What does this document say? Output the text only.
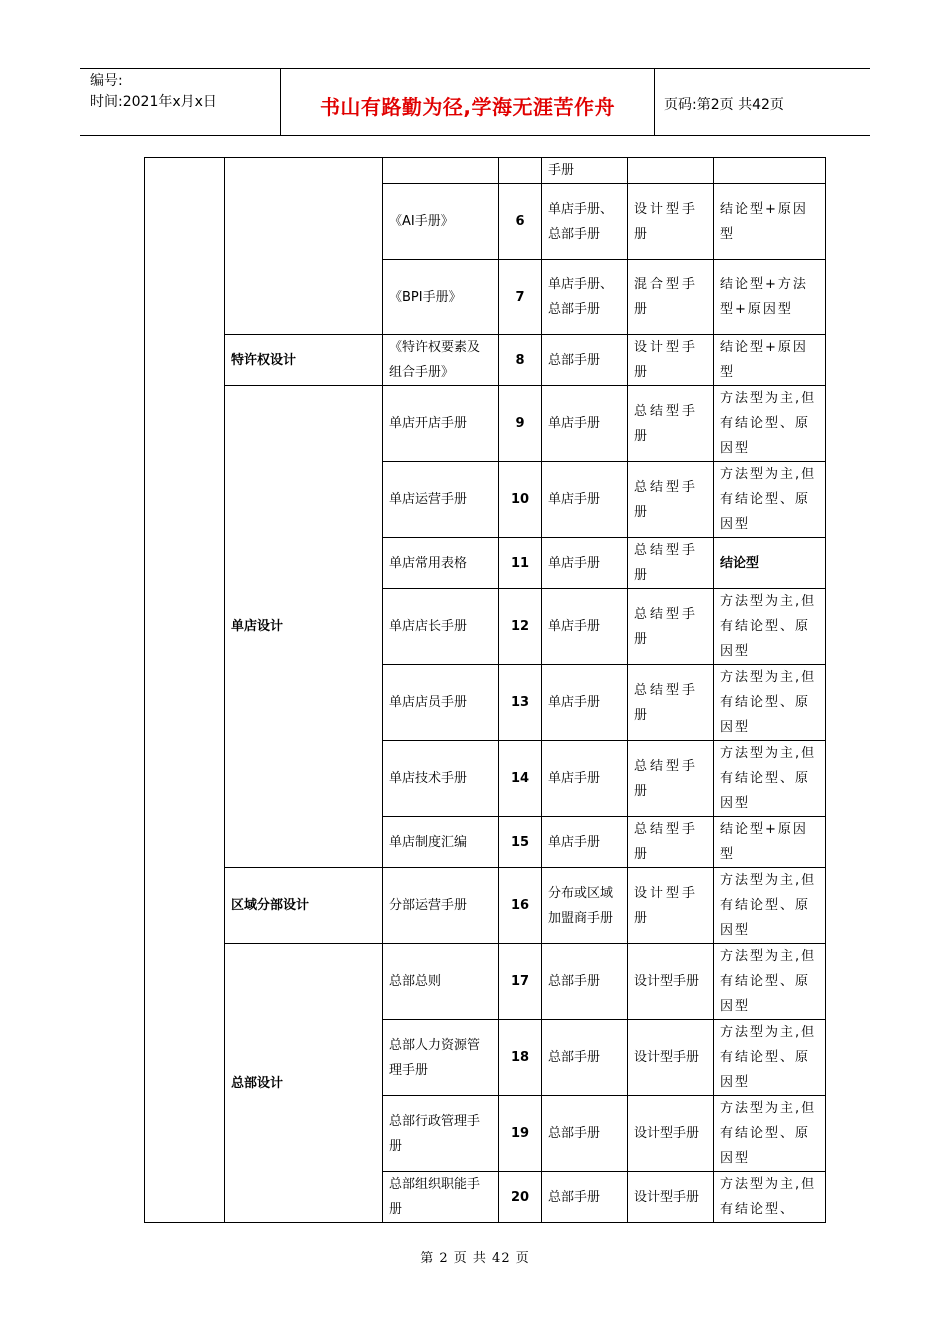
编号:
时间:2021年x月x日	书山有路勤为径,学海无涯苦作舟	页码:第2页 共42页
				手册		
		《AI手册》	6	单店手册、总部手册	设计型手册	结论型+原因型
		《BPI手册》	7	单店手册、总部手册	混合型手册	结论型+方法型+原因型
	特许权设计	《特许权要素及组合手册》	8	总部手册	设计型手册	结论型+原因型
	单店设计	单店开店手册	9	单店手册	总结型手册	方法型为主,但有结论型、原因型
		单店运营手册	10	单店手册	总结型手册	方法型为主,但有结论型、原因型
		单店常用表格	11	单店手册	总结型手册	结论型
		单店店长手册	12	单店手册	总结型手册	方法型为主,但有结论型、原因型
		单店店员手册	13	单店手册	总结型手册	方法型为主,但有结论型、原因型
		单店技术手册	14	单店手册	总结型手册	方法型为主,但有结论型、原因型
		单店制度汇编	15	单店手册	总结型手册	结论型+原因型
	区域分部设计	分部运营手册	16	分布或区域加盟商手册	设计型手册	方法型为主,但有结论型、原因型
	总部设计	总部总则	17	总部手册	设计型手册	方法型为主,但有结论型、原因型
		总部人力资源管理手册	18	总部手册	设计型手册	方法型为主,但有结论型、原因型
		总部行政管理手册	19	总部手册	设计型手册	方法型为主,但有结论型、原因型
		总部组织职能手册	20	总部手册	设计型手册	方法型为主,但有结论型、
第 2 页 共 42 页
